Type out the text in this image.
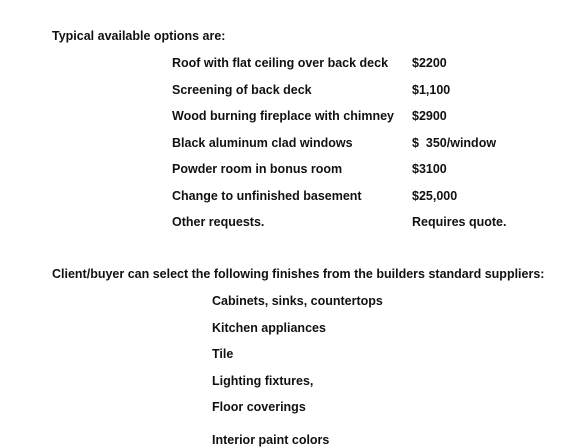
Typical available options are:
Roof with flat ceiling over back deck $2200
Screening of back deck	$1,100
Wood burning fireplace with chimney $2900
Black aluminum clad windows	$  350/window
Powder room in bonus room	$3100
Change to unfinished basement	$25,000
Other requests.	Requires quote.
Client/buyer can select the following finishes from the builders standard suppliers:
Cabinets, sinks, countertops
Kitchen appliances
Tile
Lighting fixtures,
Floor coverings
Interior paint colors
